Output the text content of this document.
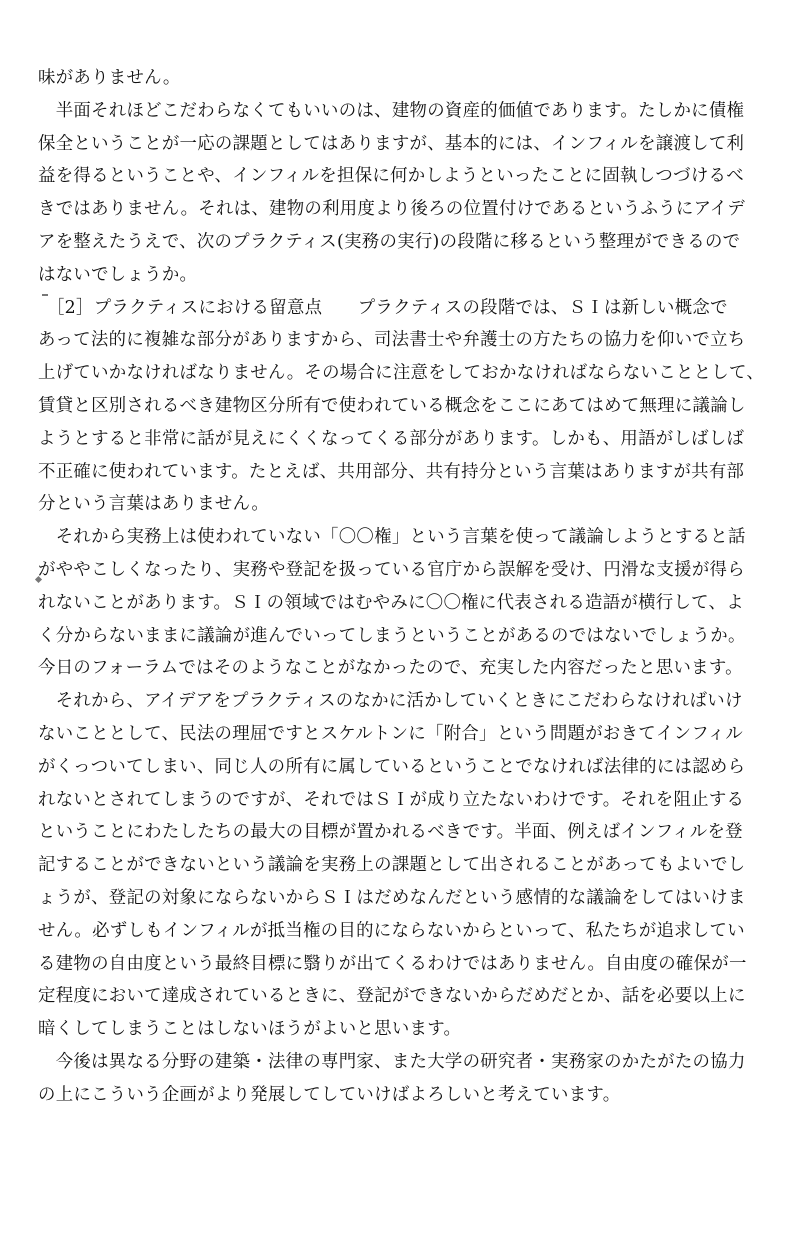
味がありません。
　半面それほどこだわらなくてもいいのは、建物の資産的価値であります。たしかに債権
保全ということが一応の課題としてはありますが、基本的には、インフィルを譲渡して利
益を得るということや、インフィルを担保に何かしようといったことに固執しつづけるべ
きではありません。それは、建物の利用度より後ろの位置付けであるというふうにアイデ
アを整えたうえで、次のプラクティス(実務の実行)の段階に移るという整理ができるので
はないでしょうか。
　［2］プラクティスにおける留意点　　プラクティスの段階では、ＳＩは新しい概念で
あって法的に複雑な部分がありますから、司法書士や弁護士の方たちの協力を仰いで立ち
上げていかなければなりません。その場合に注意をしておかなければならないこととして、
賃貸と区別されるべき建物区分所有で使われている概念をここにあてはめて無理に議論し
ようとすると非常に話が見えにくくなってくる部分があります。しかも、用語がしばしば
不正確に使われています。たとえば、共用部分、共有持分という言葉はありますが共有部
分という言葉はありません。
　それから実務上は使われていない「〇〇権」という言葉を使って議論しようとすると話
がややこしくなったり、実務や登記を扱っている官庁から誤解を受け、円滑な支援が得ら
れないことがあります。ＳＩの領域ではむやみに〇〇権に代表される造語が横行して、よ
く分からないままに議論が進んでいってしまうということがあるのではないでしょうか。
今日のフォーラムではそのようなことがなかったので、充実した内容だったと思います。
　それから、アイデアをプラクティスのなかに活かしていくときにこだわらなければいけ
ないこととして、民法の理屈ですとスケルトンに「附合」という問題がおきてインフィル
がくっついてしまい、同じ人の所有に属しているということでなければ法律的には認めら
れないとされてしまうのですが、それではＳＩが成り立たないわけです。それを阻止する
ということにわたしたちの最大の目標が置かれるべきです。半面、例えばインフィルを登
記することができないという議論を実務上の課題として出されることがあってもよいでし
ょうが、登記の対象にならないからＳＩはだめなんだという感情的な議論をしてはいけま
せん。必ずしもインフィルが抵当権の目的にならないからといって、私たちが追求してい
る建物の自由度という最終目標に翳りが出てくるわけではありません。自由度の確保が一
定程度において達成されているときに、登記ができないからだめだとか、話を必要以上に
暗くしてしまうことはしないほうがよいと思います。
　今後は異なる分野の建築・法律の専門家、また大学の研究者・実務家のかたがたの協力
の上にこういう企画がより発展してしていけばよろしいと考えています。
